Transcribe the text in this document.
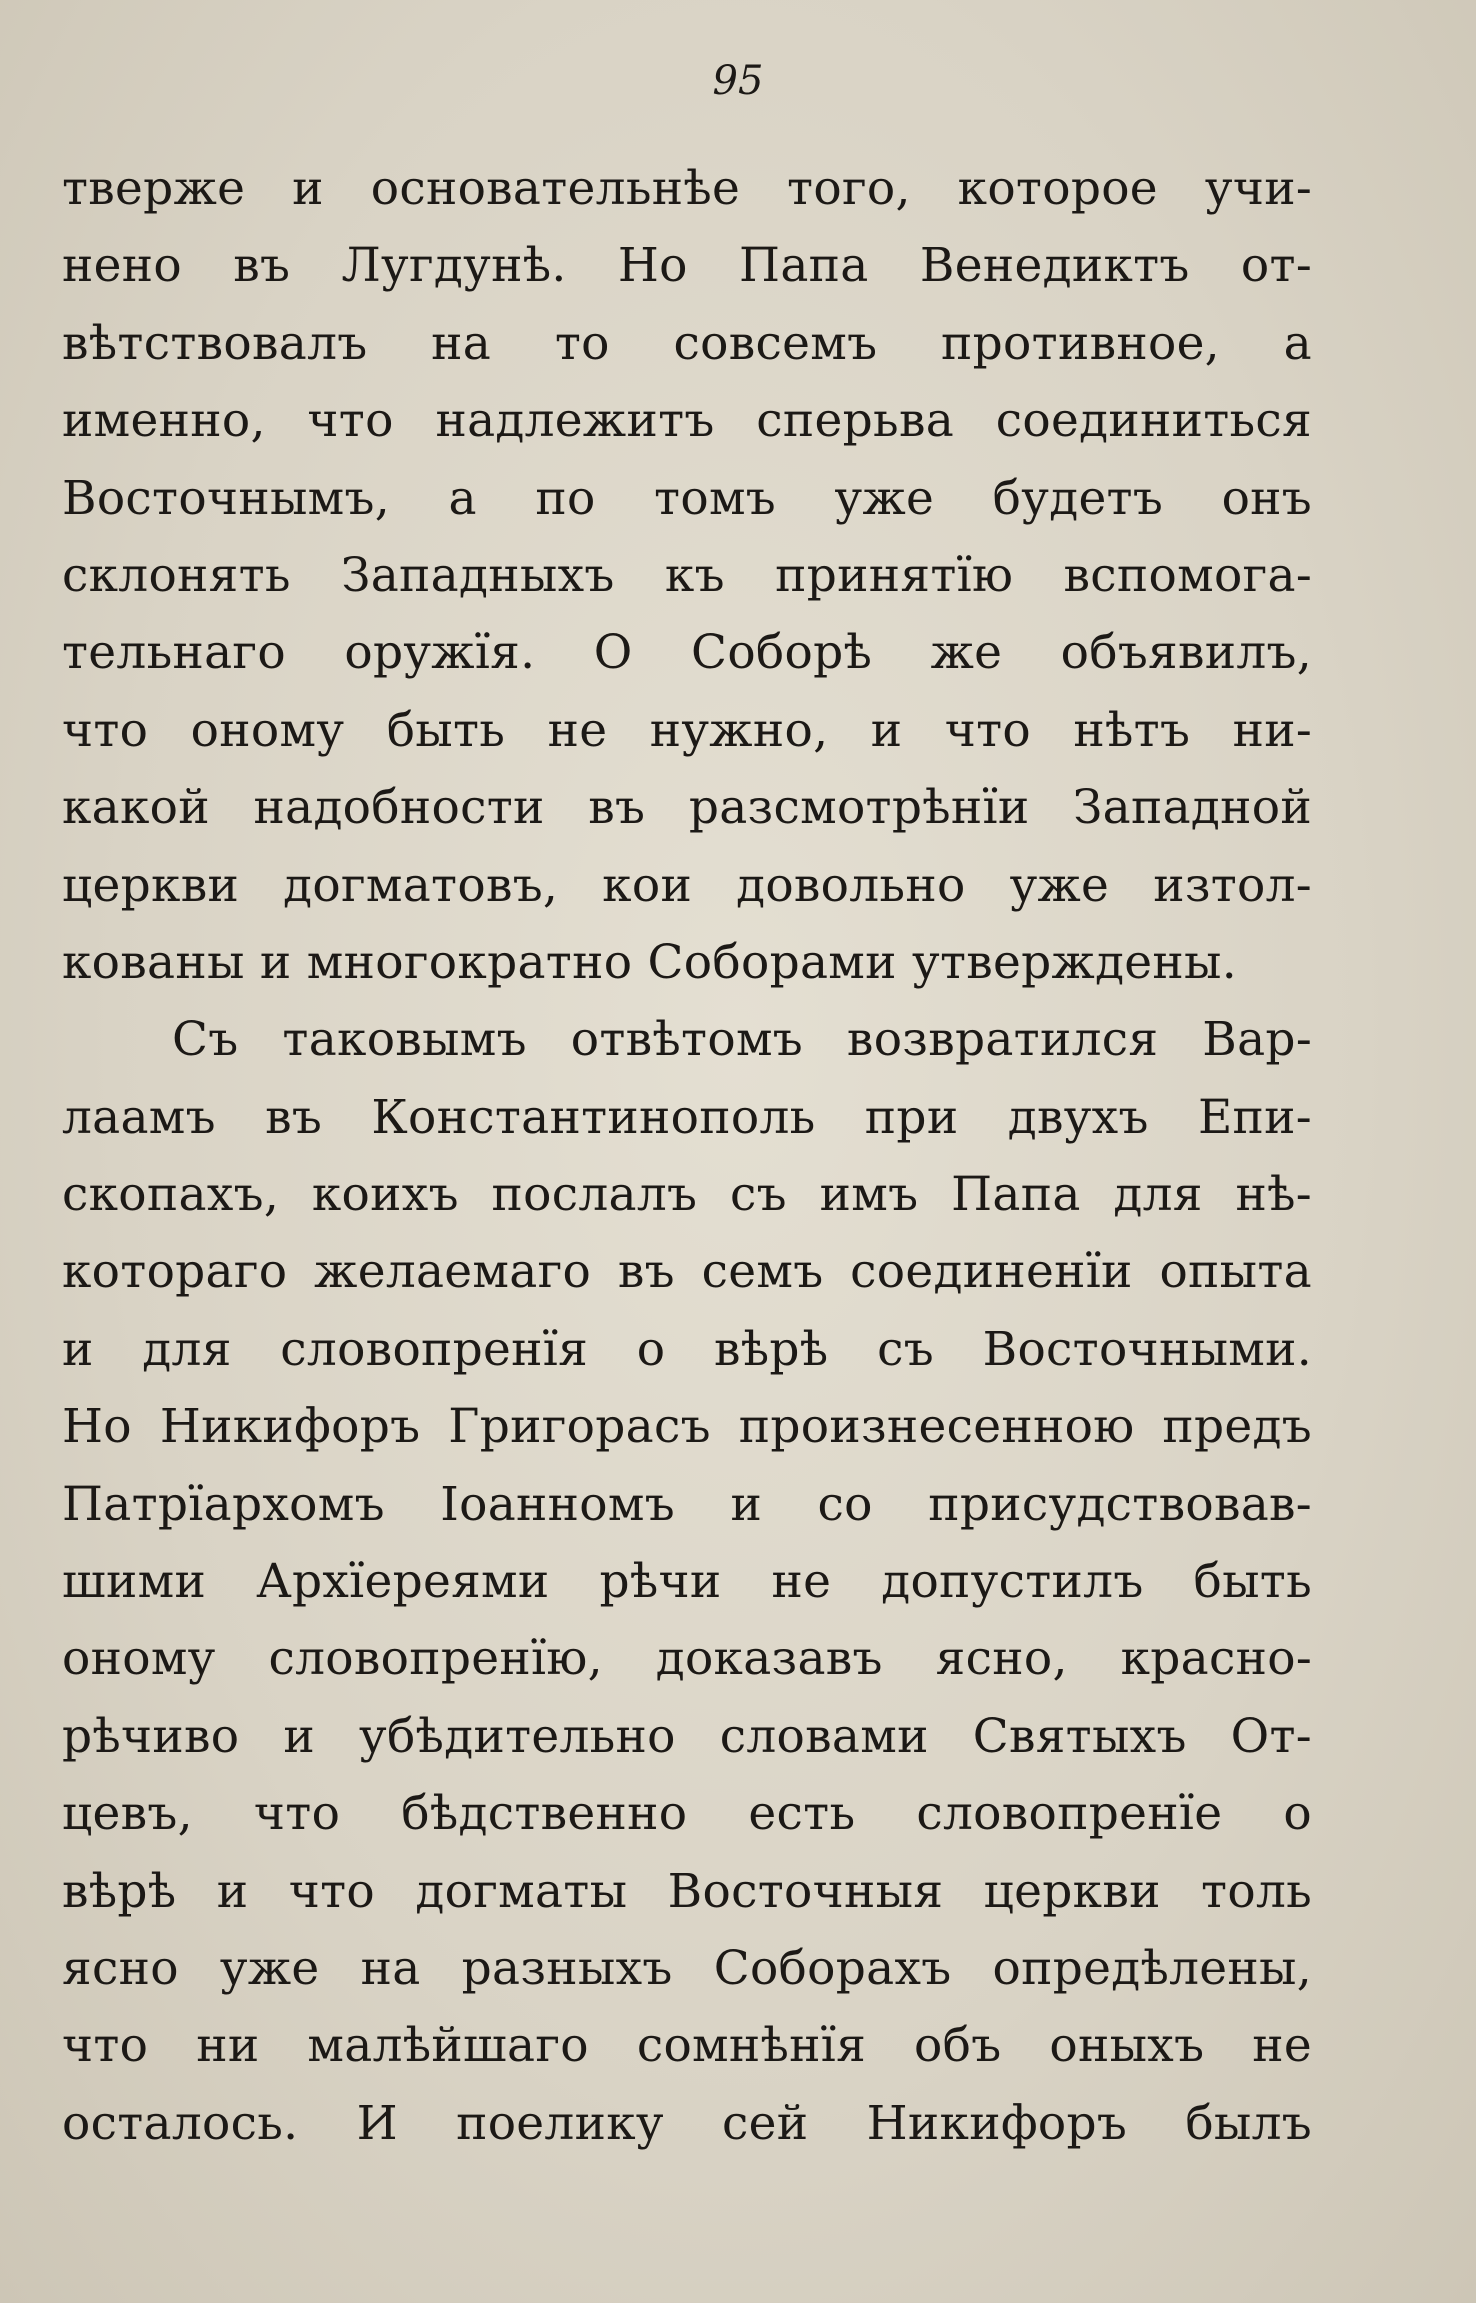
95
тверже и основательнѣе того, которое учи-
нено въ Лугдунѣ. Но Папа Венедиктъ от-
вѣтствовалъ на то совсемъ противное, а
именно, что надлежитъ сперьва соединиться
Восточнымъ, а по томъ уже будетъ онъ
склонять Западныхъ къ принятїю вспомога-
тельнаго оружїя. О Соборѣ же объявилъ,
что оному быть не нужно, и что нѣтъ ни-
какой надобности въ разсмотрѣнїи Западной
церкви догматовъ, кои довольно уже изтол-
кованы и многократно Соборами утверждены.
Съ таковымъ отвѣтомъ возвратился Вар-
лаамъ въ Константинополь при двухъ Епи-
скопахъ, коихъ послалъ съ имъ Папа для нѣ-
котораго желаемаго въ семъ соединенїи опыта
и для словопренїя о вѣрѣ съ Восточными.
Но Никифоръ Григорасъ произнесенною предъ
Патрїархомъ Iоанномъ и со присудствовав-
шими Архїереями рѣчи не допустилъ быть
оному словопренїю, доказавъ ясно, красно-
рѣчиво и убѣдительно словами Святыхъ От-
цевъ, что бѣдственно есть словопренїе о
вѣрѣ и что догматы Восточныя церкви толь
ясно уже на разныхъ Соборахъ опредѣлены,
что ни малѣйшаго сомнѣнїя объ оныхъ не
осталось. И поелику сей Никифоръ былъ
